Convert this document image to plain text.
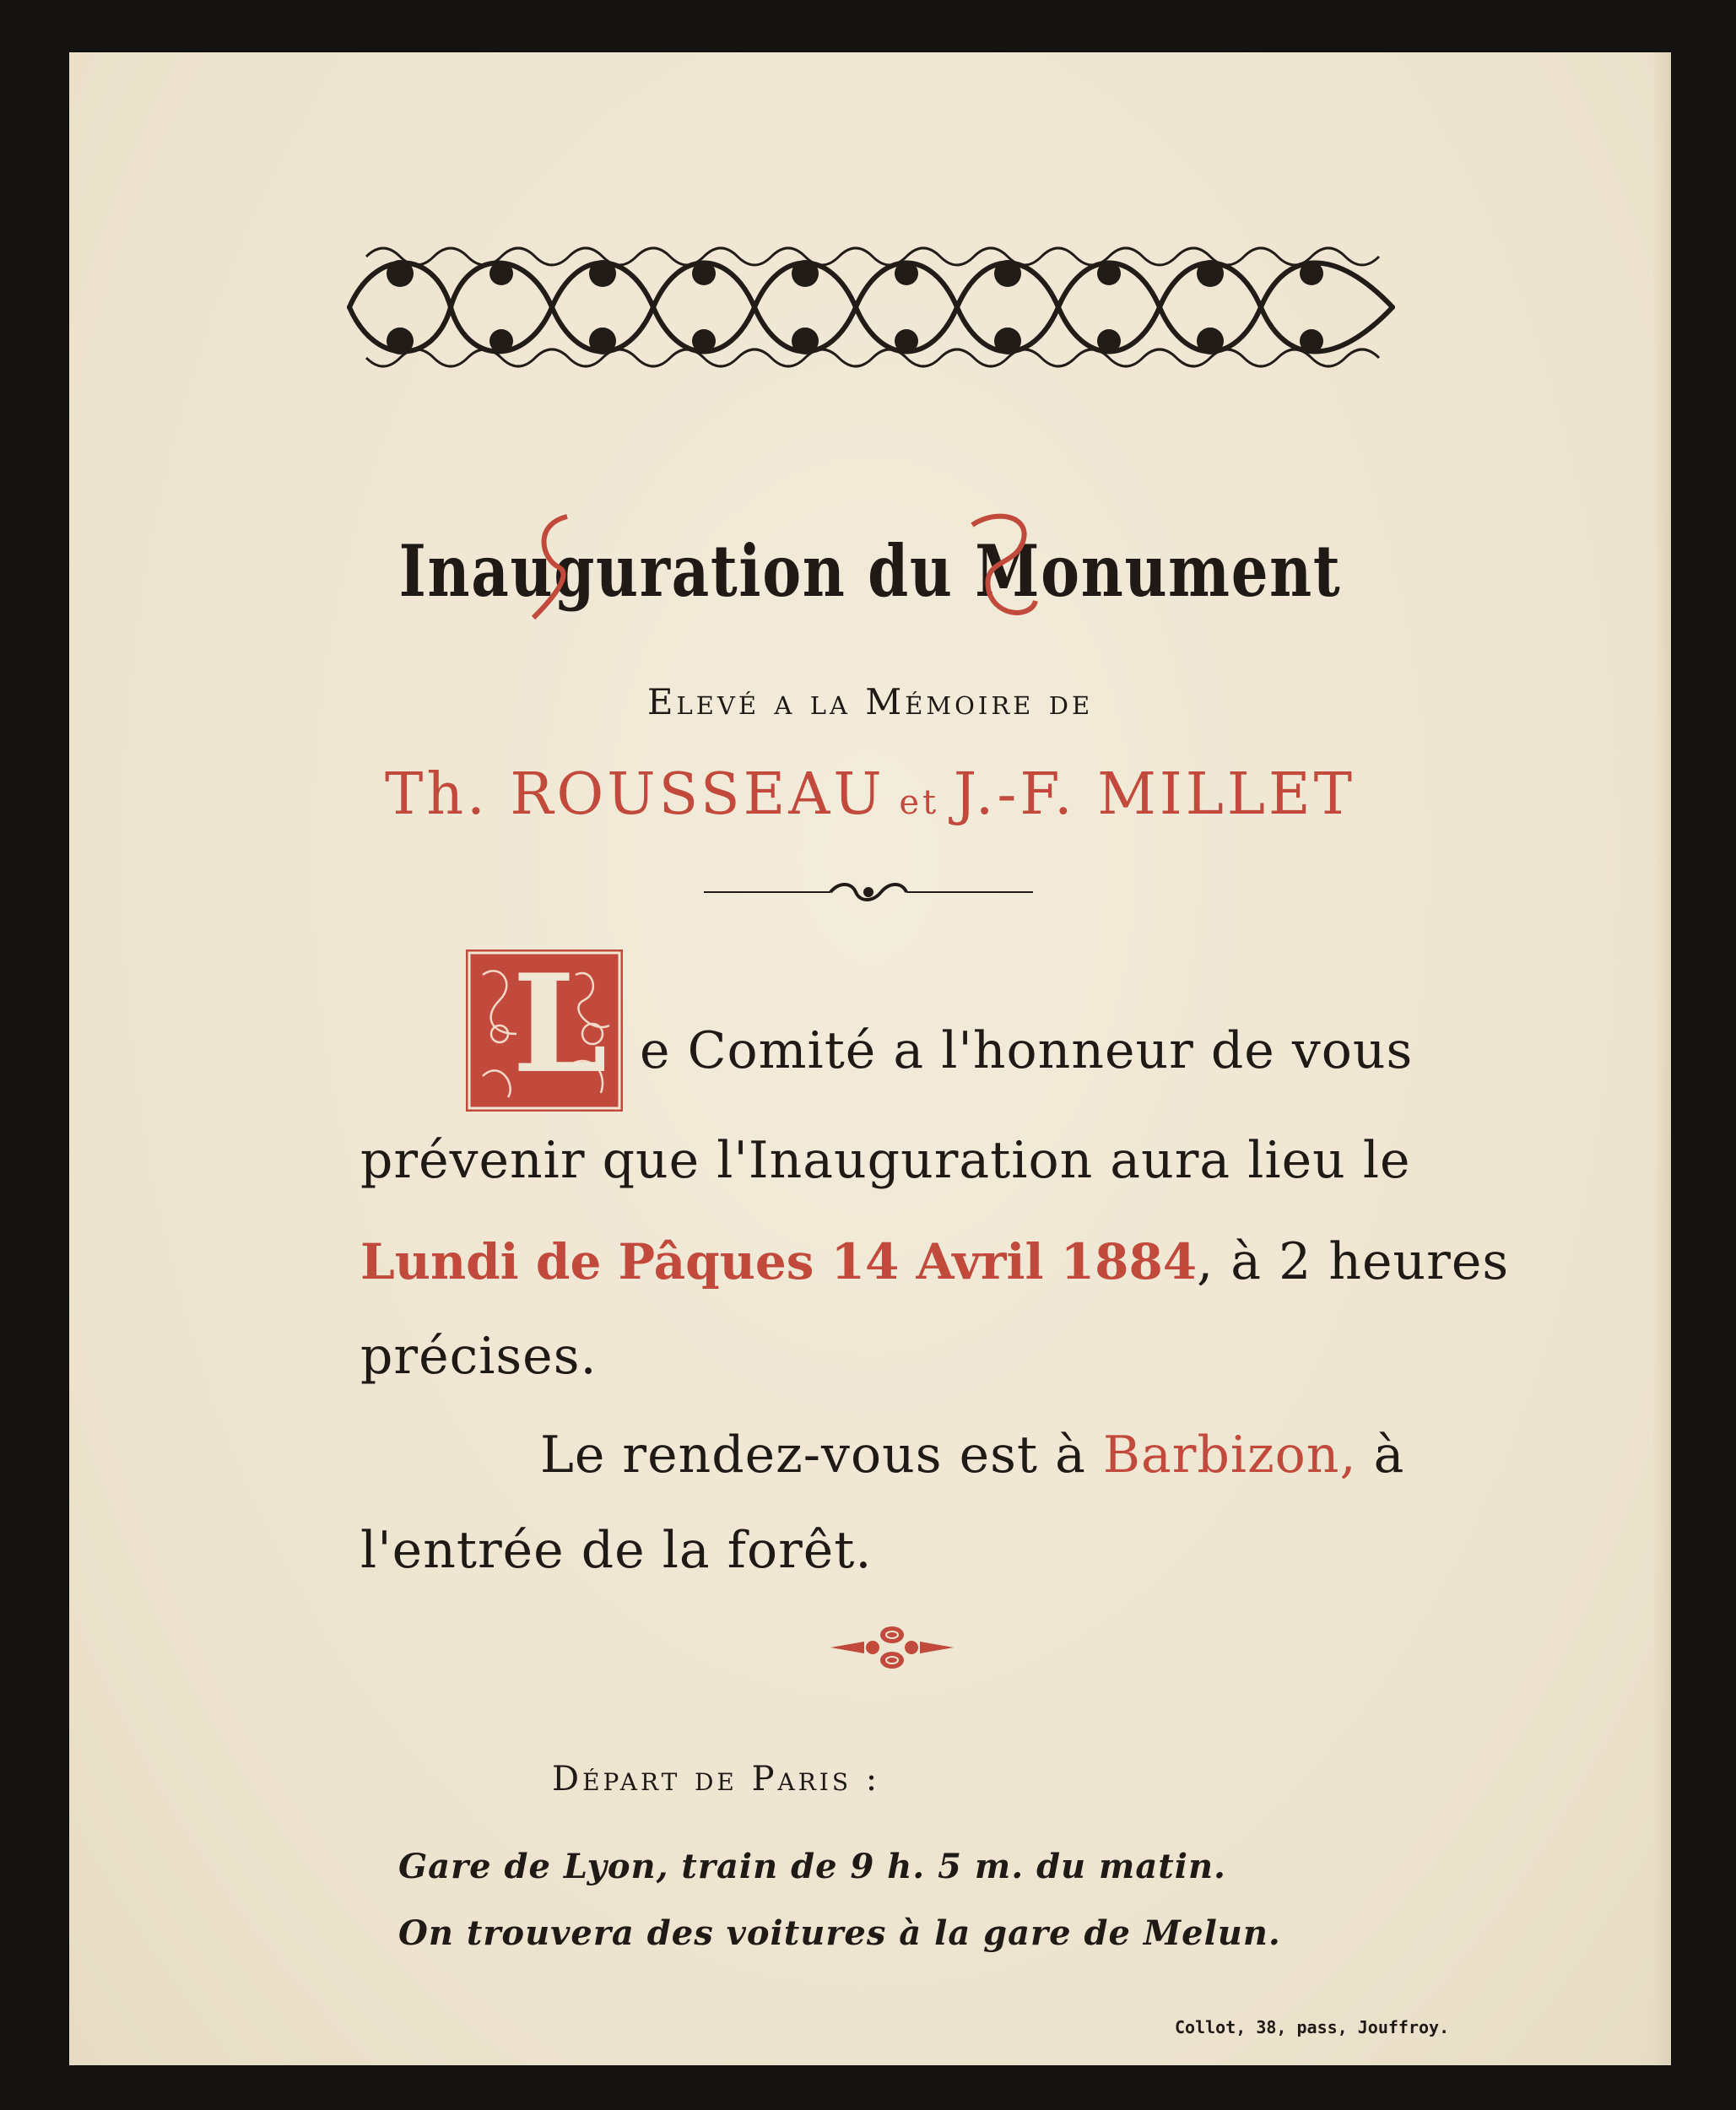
Inauguration du Monument
Elevé a la Mémoire de
Th. ROUSSEAU et J.-F. MILLET
L e Comité a l'honneur de vous
prévenir que l'Inauguration aura lieu le
Lundi de Pâques 14 Avril 1884, à 2 heures
précises.
Le rendez-vous est à Barbizon, à
l'entrée de la forêt.
Départ de Paris :
Gare de Lyon, train de 9 h. 5 m. du matin.
On trouvera des voitures à la gare de Melun.
Collot, 38, pass, Jouffroy.
